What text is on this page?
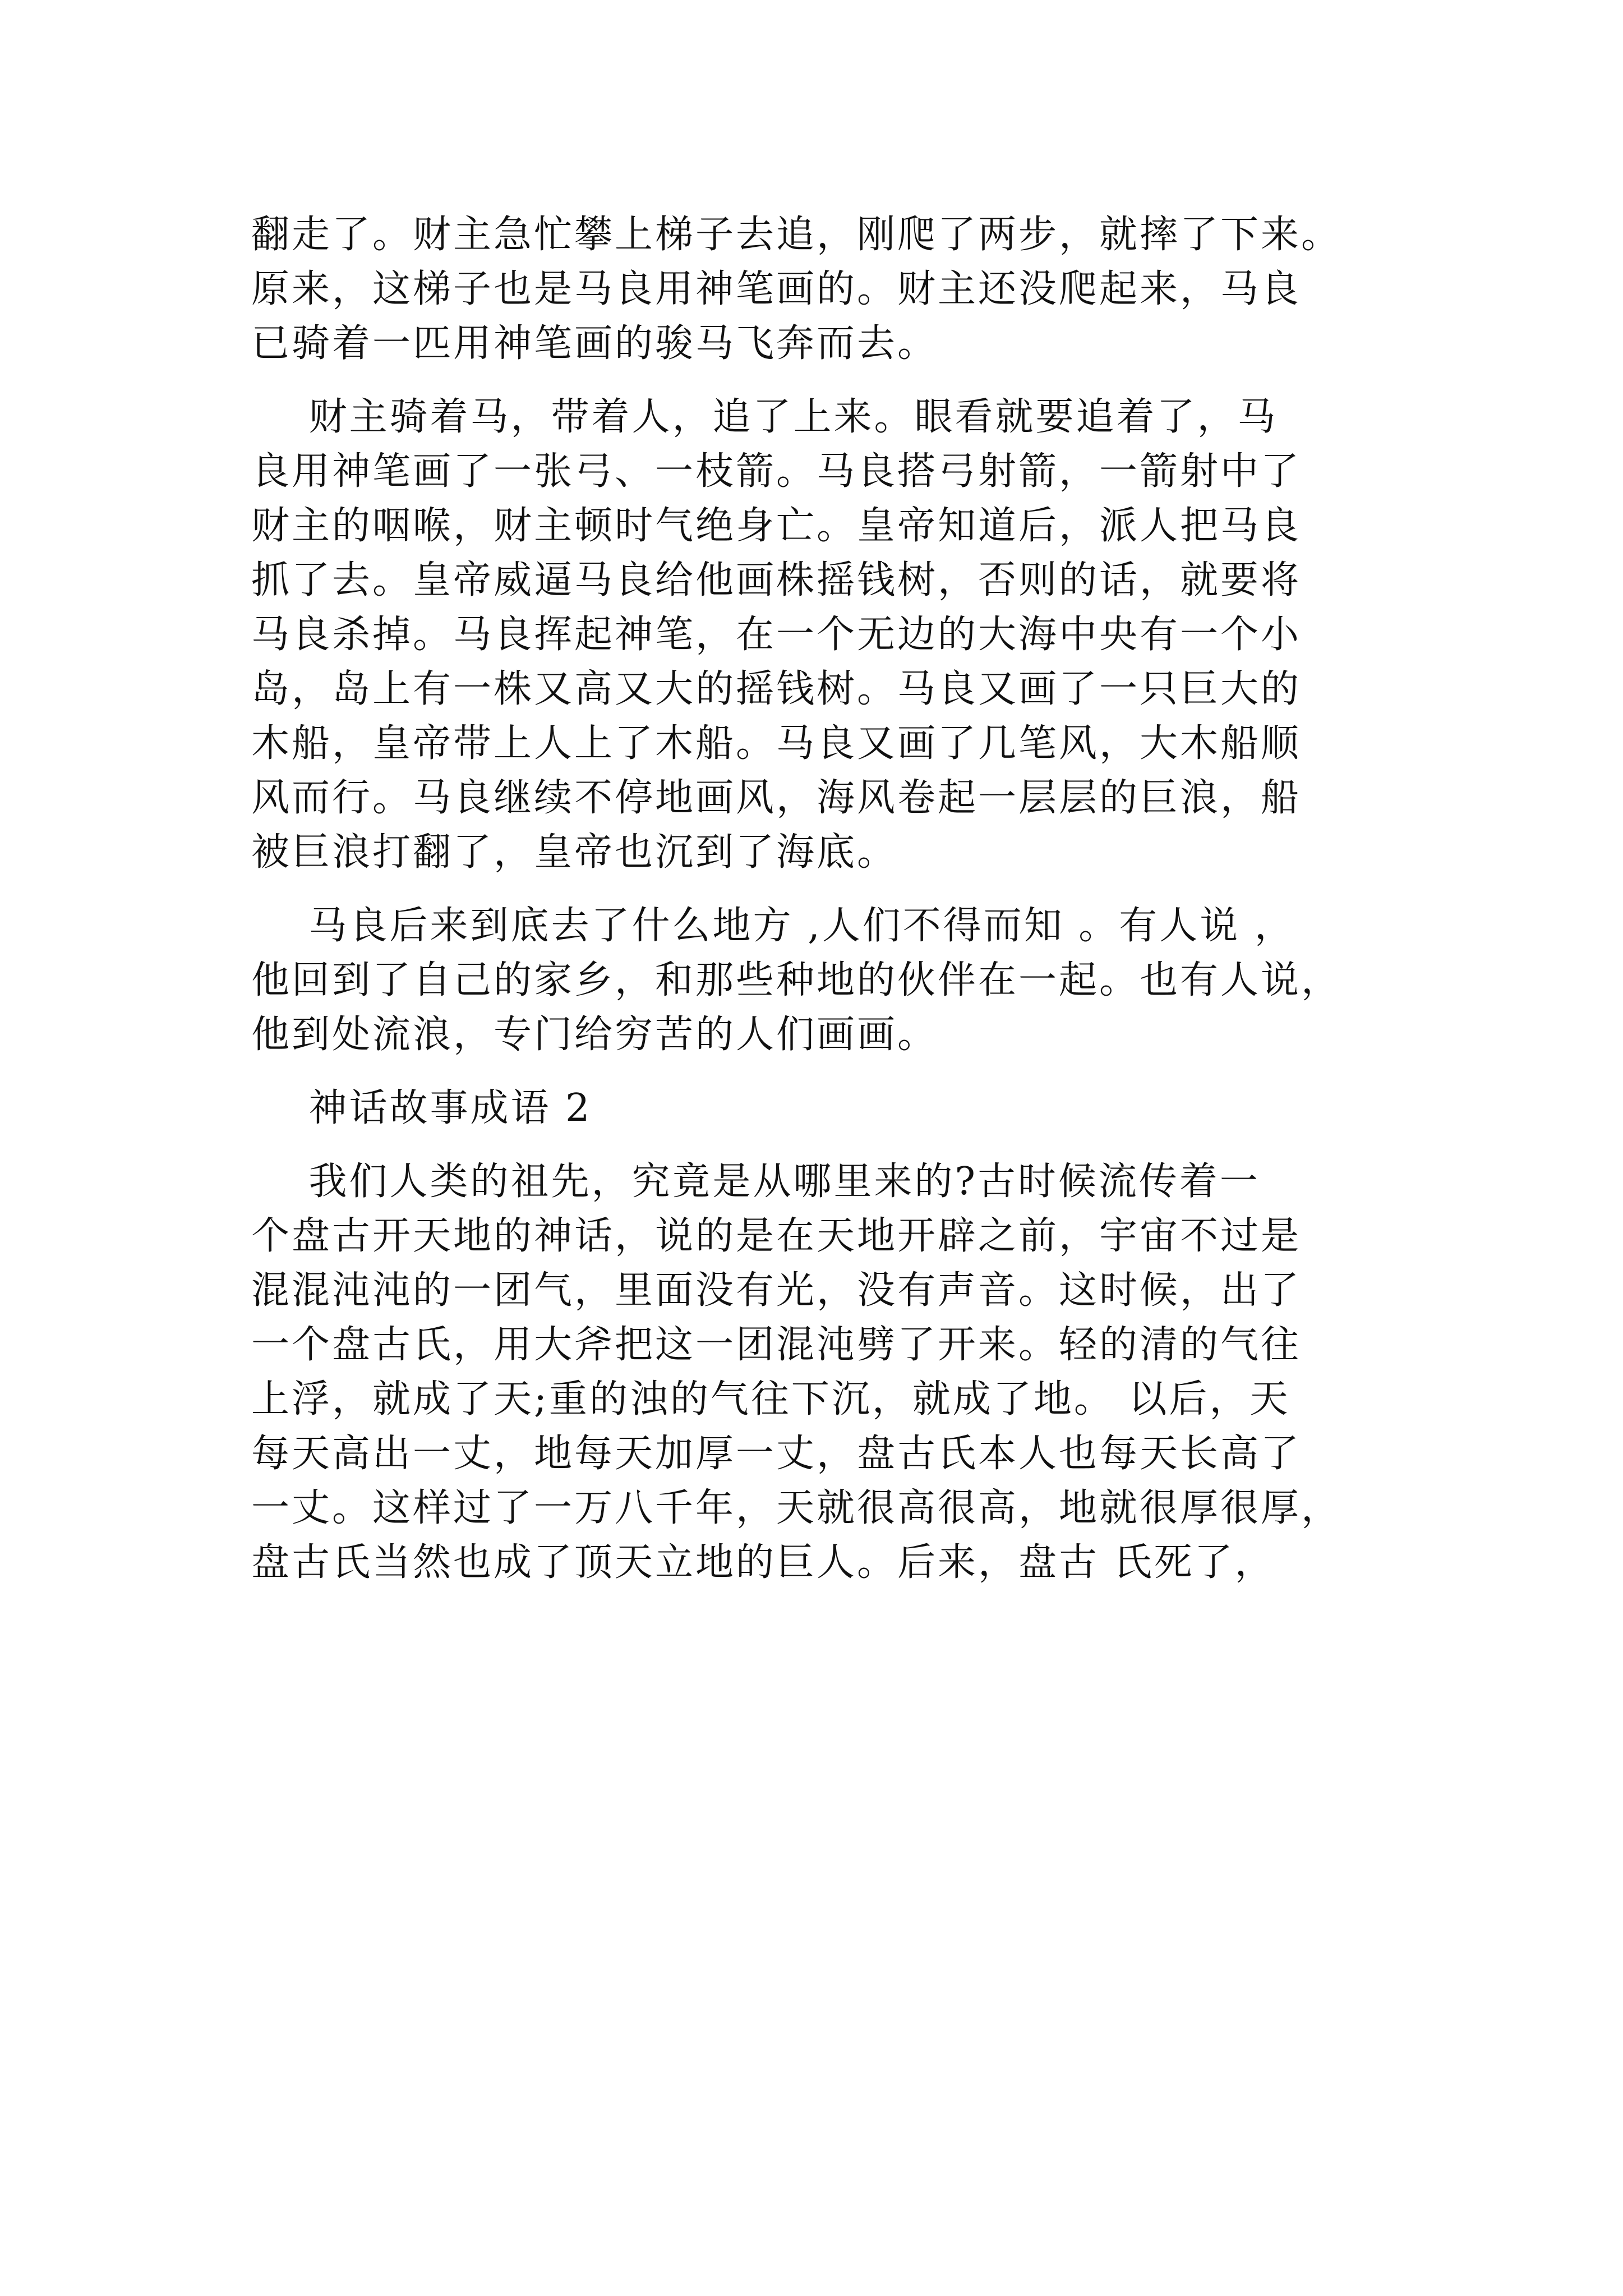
翻走了。财主急忙攀上梯子去追，刚爬了两步，就摔了下来。
原来，这梯子也是马良用神笔画的。财主还没爬起来，马良
已骑着一匹用神笔画的骏马飞奔而去。
财主骑着马，带着人，追了上来。眼看就要追着了，马
良用神笔画了一张弓、一枝箭。马良搭弓射箭，一箭射中了
财主的咽喉，财主顿时气绝身亡。皇帝知道后，派人把马良
抓了去。皇帝威逼马良给他画株摇钱树，否则的话，就要将
马良杀掉。马良挥起神笔，在一个无边的大海中央有一个小
岛，岛上有一株又高又大的摇钱树。马良又画了一只巨大的
木船，皇帝带上人上了木船。马良又画了几笔风，大木船顺
风而行。马良继续不停地画风，海风卷起一层层的巨浪，船
被巨浪打翻了，皇帝也沉到了海底。
马良后来到底去了什么地方 ,人们不得而知 。有人说 ，
他回到了自己的家乡，和那些种地的伙伴在一起。也有人说，
他到处流浪，专门给穷苦的人们画画。
神话故事成语 2
我们人类的祖先，究竟是从哪里来的?古时候流传着一
个盘古开天地的神话，说的是在天地开辟之前，宇宙不过是
混混沌沌的一团气，里面没有光，没有声音。这时候，出了
一个盘古氏，用大斧把这一团混沌劈了开来。轻的清的气往
上浮，就成了天;重的浊的气往下沉，就成了地。 以后，天
每天高出一丈，地每天加厚一丈，盘古氏本人也每天长高了
一丈。这样过了一万八千年，天就很高很高，地就很厚很厚，
盘古氏当然也成了顶天立地的巨人。后来，盘古 氏死了，
